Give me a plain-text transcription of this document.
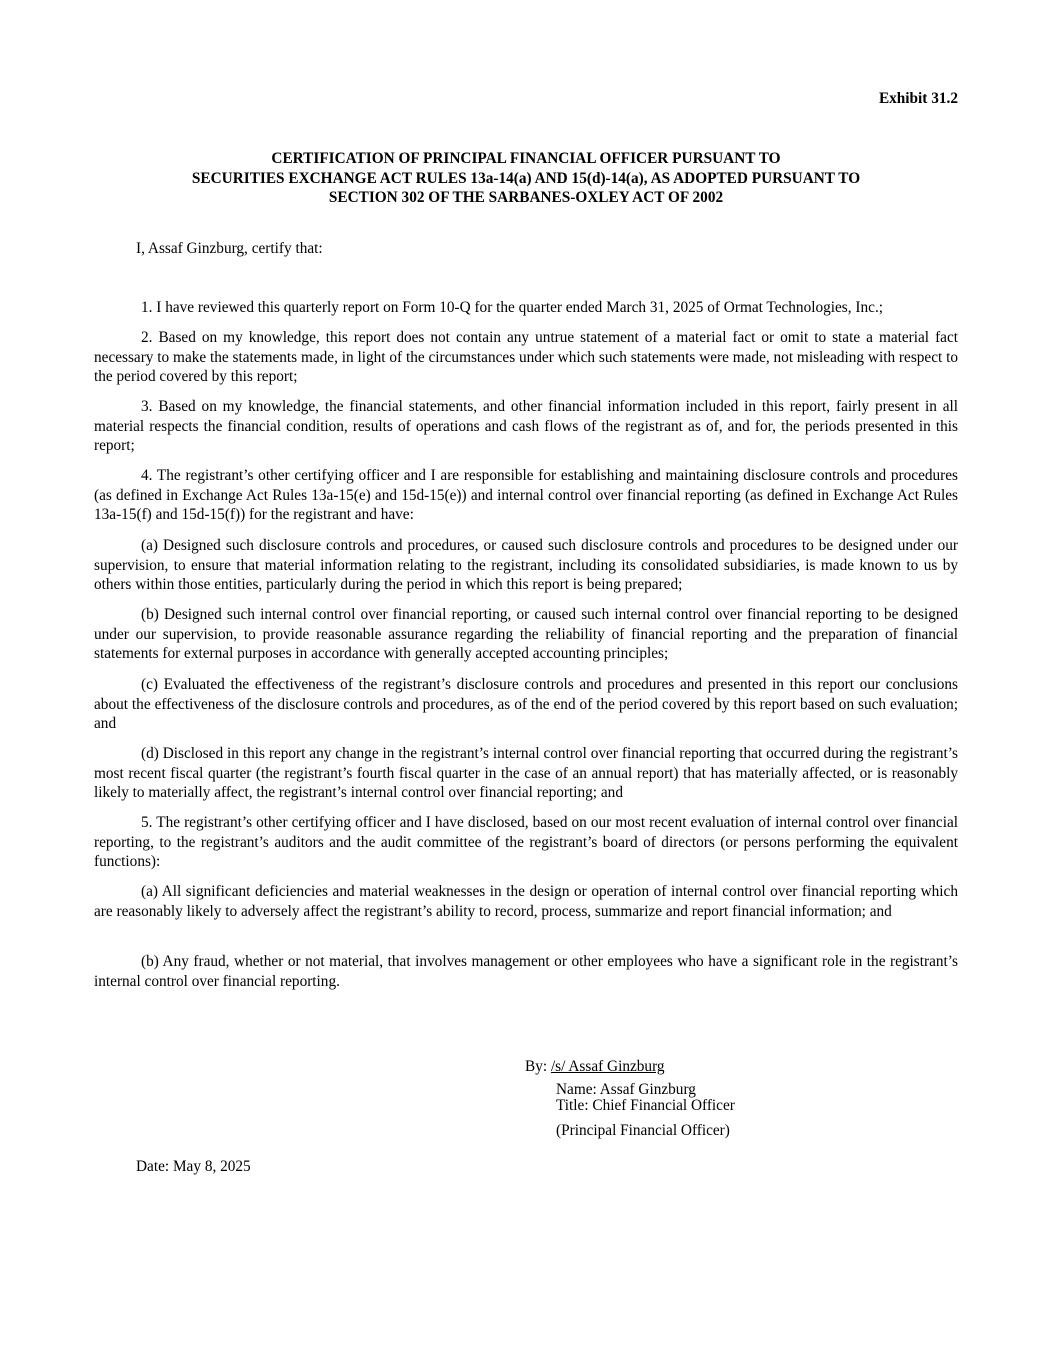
Exhibit 31.2
CERTIFICATION OF PRINCIPAL FINANCIAL OFFICER PURSUANT TO
SECURITIES EXCHANGE ACT RULES 13a-14(a) AND 15(d)-14(a), AS ADOPTED PURSUANT TO
SECTION 302 OF THE SARBANES-OXLEY ACT OF 2002
I, Assaf Ginzburg, certify that:

1. I have reviewed this quarterly report on Form 10-Q for the quarter ended March 31, 2025 of Ormat Technologies, Inc.;

2. Based on my knowledge, this report does not contain any untrue statement of a material fact or omit to state a material fact necessary to make the statements made, in light of the circumstances under which such statements were made, not misleading with respect to the period covered by this report;

3. Based on my knowledge, the financial statements, and other financial information included in this report, fairly present in all material respects the financial condition, results of operations and cash flows of the registrant as of, and for, the periods presented in this report;

4. The registrant’s other certifying officer and I are responsible for establishing and maintaining disclosure controls and procedures (as defined in Exchange Act Rules 13a-15(e) and 15d-15(e)) and internal control over financial reporting (as defined in Exchange Act Rules 13a-15(f) and 15d-15(f)) for the registrant and have:

(a) Designed such disclosure controls and procedures, or caused such disclosure controls and procedures to be designed under our supervision, to ensure that material information relating to the registrant, including its consolidated subsidiaries, is made known to us by others within those entities, particularly during the period in which this report is being prepared;

(b) Designed such internal control over financial reporting, or caused such internal control over financial reporting to be designed under our supervision, to provide reasonable assurance regarding the reliability of financial reporting and the preparation of financial statements for external purposes in accordance with generally accepted accounting principles;

(c) Evaluated the effectiveness of the registrant’s disclosure controls and procedures and presented in this report our conclusions about the effectiveness of the disclosure controls and procedures, as of the end of the period covered by this report based on such evaluation; and

(d) Disclosed in this report any change in the registrant’s internal control over financial reporting that occurred during the registrant’s most recent fiscal quarter (the registrant’s fourth fiscal quarter in the case of an annual report) that has materially affected, or is reasonably likely to materially affect, the registrant’s internal control over financial reporting; and

5. The registrant’s other certifying officer and I have disclosed, based on our most recent evaluation of internal control over financial reporting, to the registrant’s auditors and the audit committee of the registrant’s board of directors (or persons performing the equivalent functions):

(a) All significant deficiencies and material weaknesses in the design or operation of internal control over financial reporting which are reasonably likely to adversely affect the registrant’s ability to record, process, summarize and report financial information; and

(b) Any fraud, whether or not material, that involves management or other employees who have a significant role in the registrant’s internal control over financial reporting.

By: /s/ Assaf Ginzburg
Name: Assaf Ginzburg
Title: Chief Financial Officer
(Principal Financial Officer)
Date: May 8, 2025
